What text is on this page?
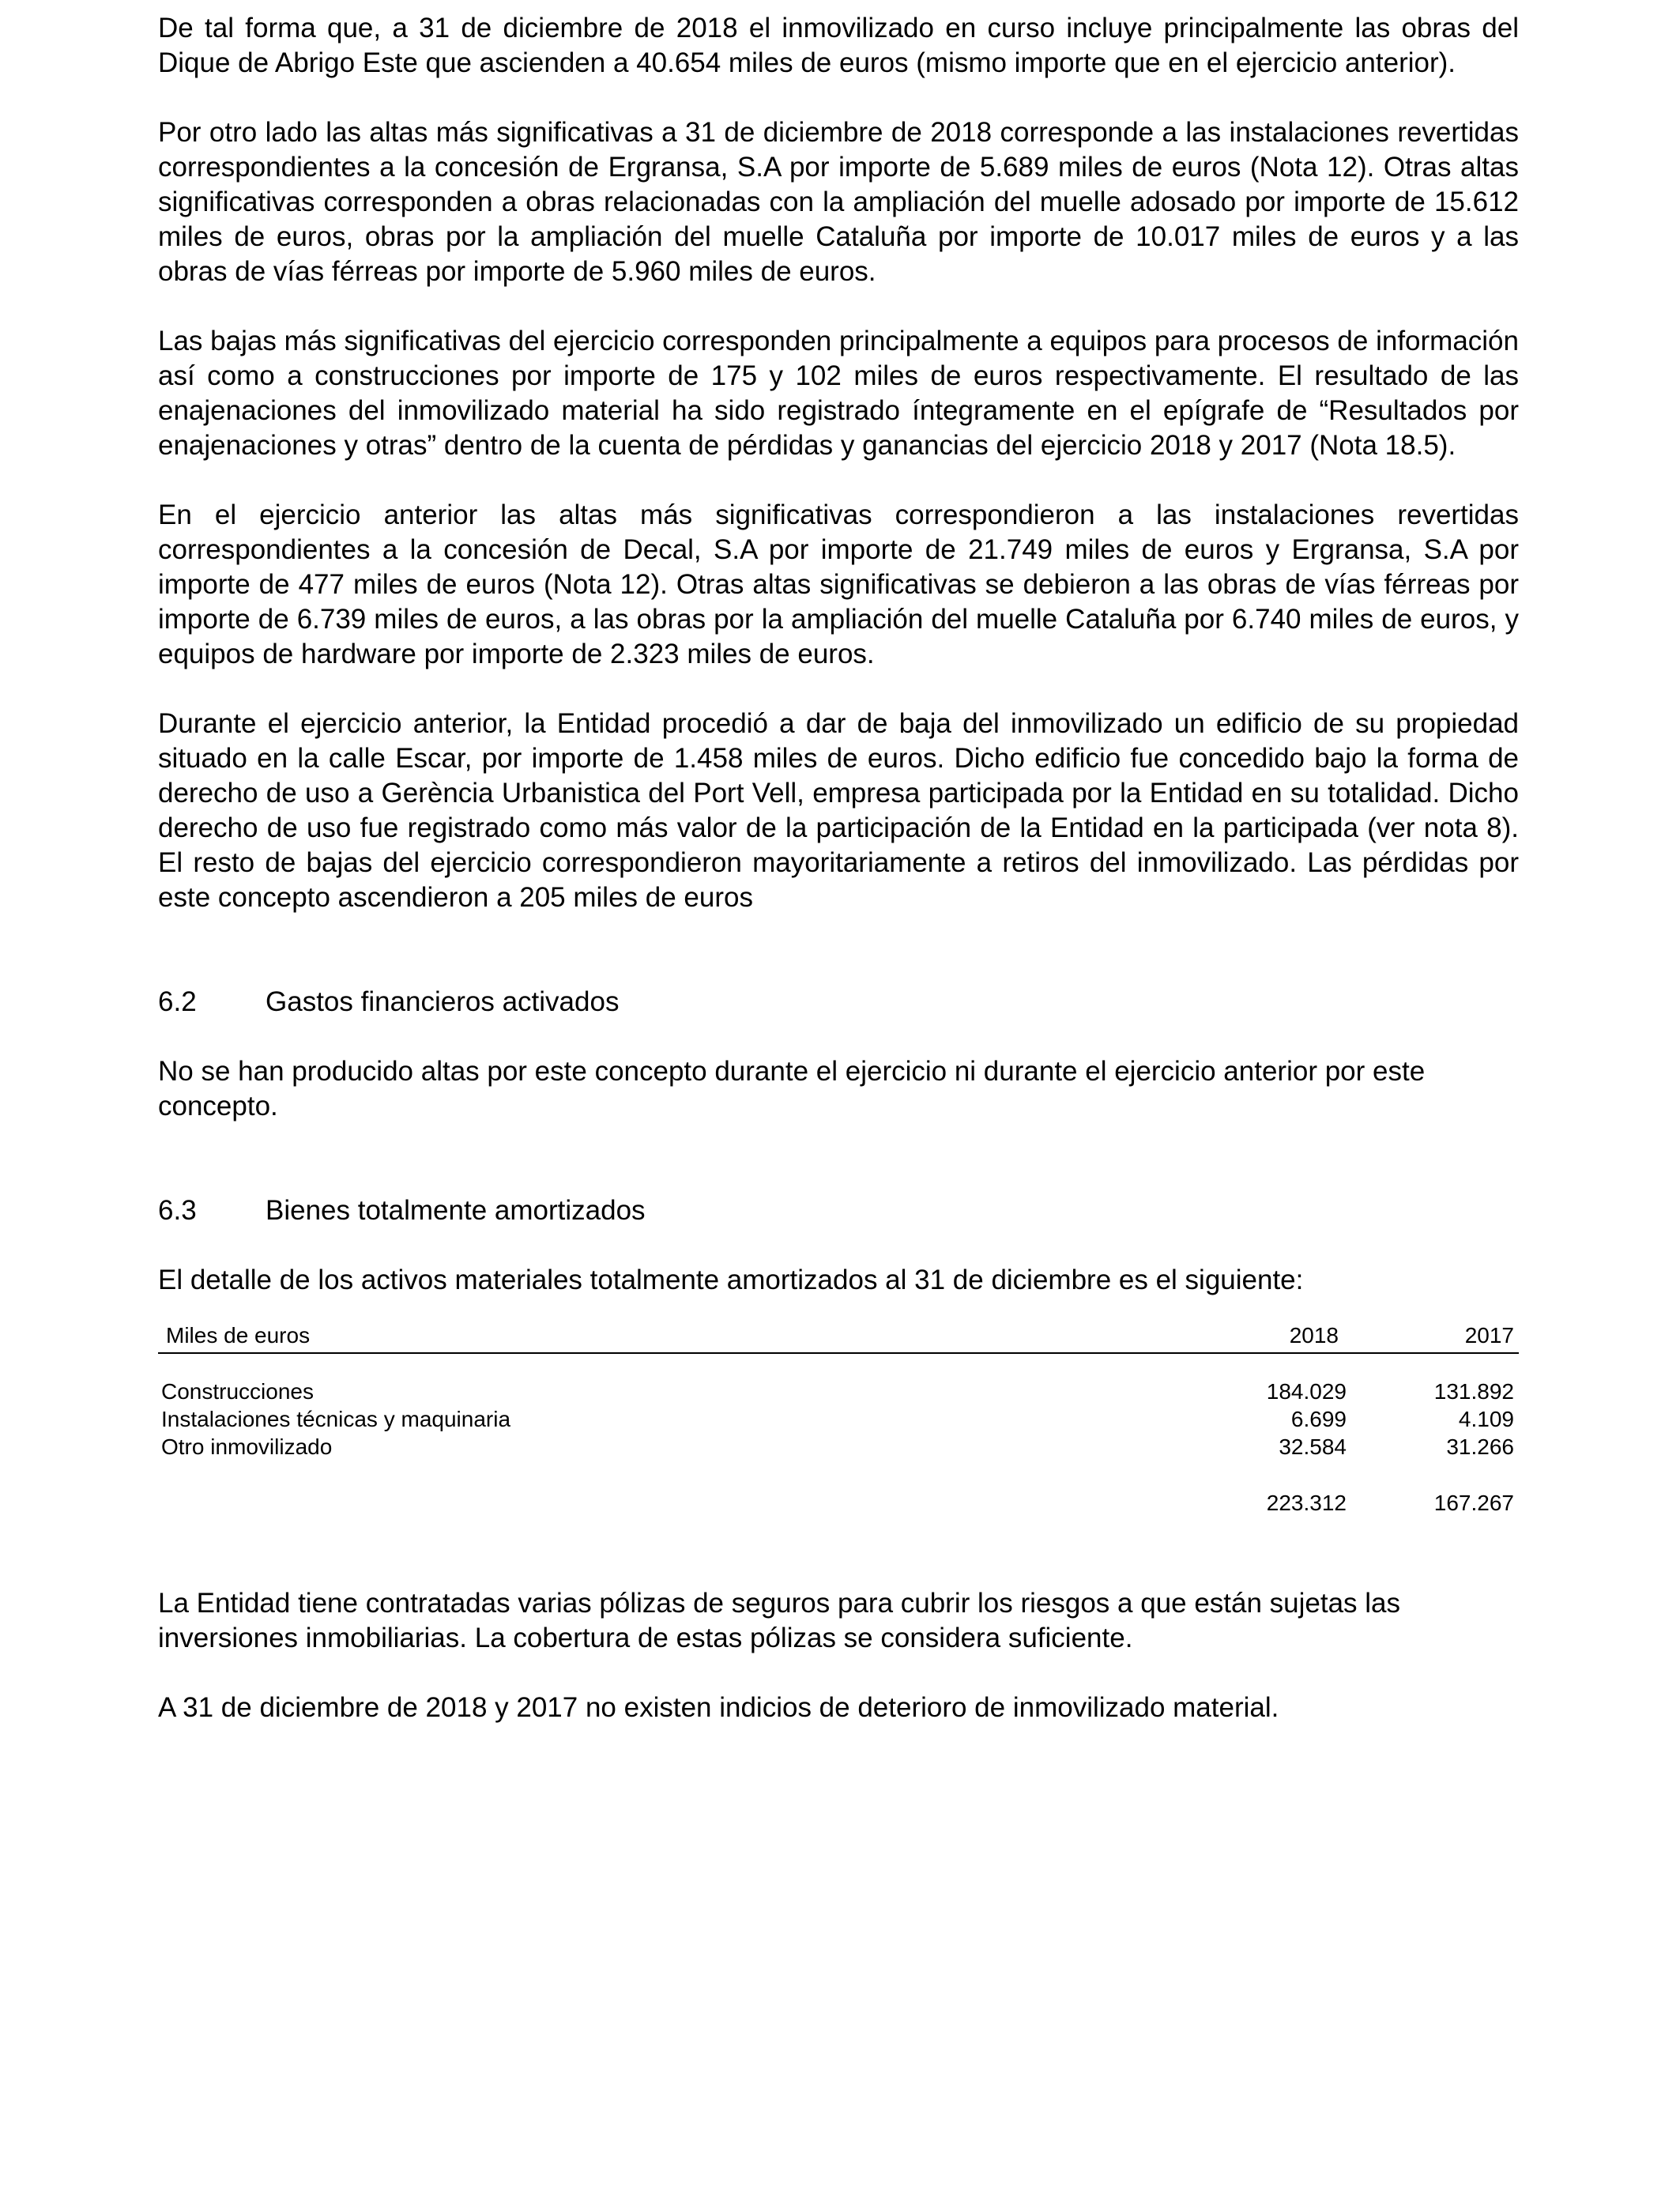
De tal forma que, a 31 de diciembre de 2018 el inmovilizado en curso incluye principalmente las obras del Dique de Abrigo Este que ascienden a 40.654 miles de euros (mismo importe que en el ejercicio anterior).

Por otro lado las altas más significativas a 31 de diciembre de 2018 corresponde a las instalaciones revertidas correspondientes a la concesión de Ergransa, S.A por importe de 5.689 miles de euros (Nota 12). Otras altas significativas corresponden a obras relacionadas con la ampliación del muelle adosado por importe de 15.612 miles de euros, obras por la ampliación del muelle Cataluña por importe de 10.017 miles de euros y a las obras de vías férreas por importe de 5.960 miles de euros.

Las bajas más significativas del ejercicio corresponden principalmente a equipos para procesos de información así como a construcciones por importe de 175 y 102 miles de euros respectivamente. El resultado de las enajenaciones del inmovilizado material ha sido registrado íntegramente en el epígrafe de “Resultados por enajenaciones y otras” dentro de la cuenta de pérdidas y ganancias del ejercicio 2018 y 2017 (Nota 18.5).

En el ejercicio anterior las altas más significativas correspondieron a las instalaciones revertidas correspondientes a la concesión de Decal, S.A por importe de 21.749 miles de euros y Ergransa, S.A por importe de 477 miles de euros (Nota 12). Otras altas significativas se debieron a las obras de vías férreas por importe de 6.739 miles de euros, a las obras por la ampliación del muelle Cataluña por 6.740 miles de euros, y equipos de hardware por importe de 2.323 miles de euros.

Durante el ejercicio anterior, la Entidad procedió a dar de baja del inmovilizado un edificio de su propiedad situado en la calle Escar, por importe de 1.458 miles de euros. Dicho edificio fue concedido bajo la forma de derecho de uso a Gerència Urbanistica del Port Vell, empresa participada por la Entidad en su totalidad. Dicho derecho de uso fue registrado como más valor de la participación de la Entidad en la participada (ver nota 8). El resto de bajas del ejercicio correspondieron mayoritariamente a retiros del inmovilizado. Las pérdidas por este concepto ascendieron a 205 miles de euros

6.2	Gastos financieros activados

No se han producido altas por este concepto durante el ejercicio ni durante el ejercicio anterior por este concepto.

6.3	Bienes totalmente amortizados

El detalle de los activos materiales totalmente amortizados al 31 de diciembre es el siguiente:

Miles de euros	2018	2017
Construcciones	184.029	131.892
Instalaciones técnicas y maquinaria	6.699	4.109
Otro inmovilizado	32.584	31.266
223.312	167.267

La Entidad tiene contratadas varias pólizas de seguros para cubrir los riesgos a que están sujetas las inversiones inmobiliarias. La cobertura de estas pólizas se considera suficiente.

A 31 de diciembre de 2018 y 2017 no existen indicios de deterioro de inmovilizado material.
